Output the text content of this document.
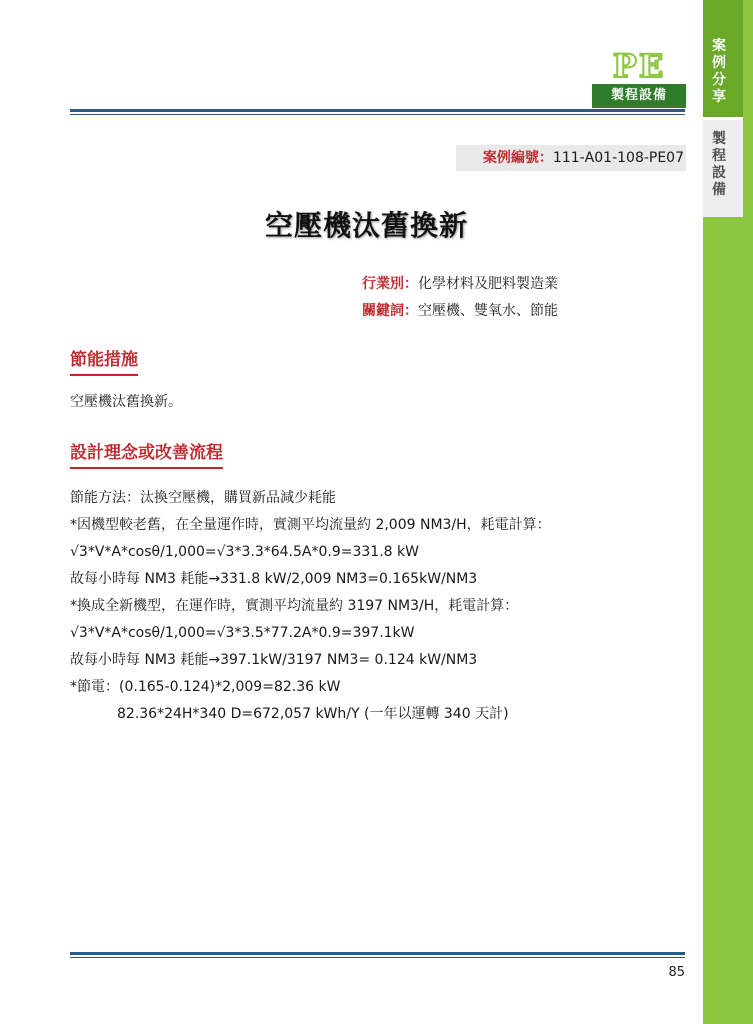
案例分享
製程設備
PE
製程設備
案例編號：111-A01-108-PE07
空壓機汰舊換新
行業別：化學材料及肥料製造業
關鍵詞：空壓機、雙氧水、節能
節能措施
空壓機汰舊換新。
設計理念或改善流程
節能方法：汰換空壓機，購買新品減少耗能
*因機型較老舊，在全量運作時，實測平均流量約 2,009 NM3/H，耗電計算：
√3*V*A*cosθ/1,000=√3*3.3*64.5A*0.9=331.8 kW
故每小時每 NM3 耗能→331.8 kW/2,009 NM3=0.165kW/NM3
*換成全新機型，在運作時，實測平均流量約 3197 NM3/H，耗電計算：
√3*V*A*cosθ/1,000=√3*3.5*77.2A*0.9=397.1kW
故每小時每 NM3 耗能→397.1kW/3197 NM3= 0.124 kW/NM3
*節電：(0.165-0.124)*2,009=82.36 kW
82.36*24H*340 D=672,057 kWh/Y (一年以運轉 340 天計)
85
